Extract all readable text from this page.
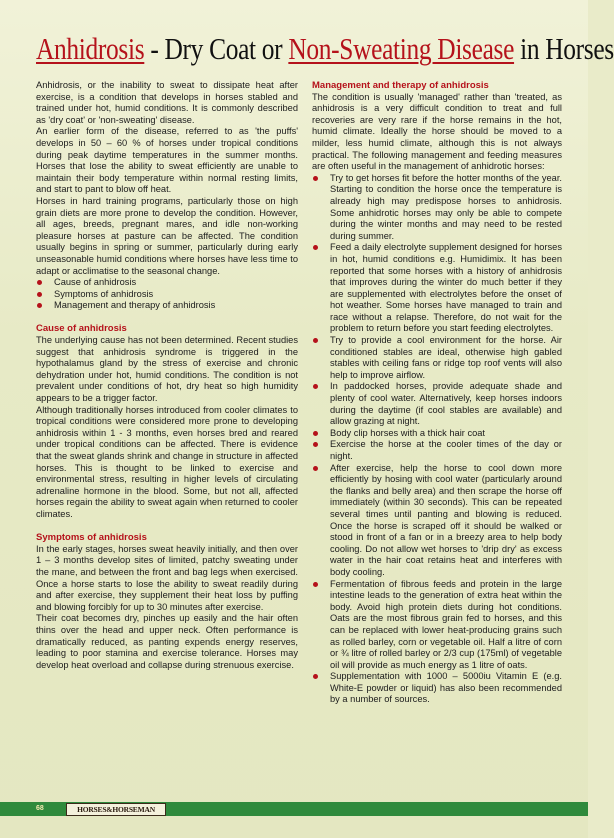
Anhidrosis - Dry Coat or Non-Sweating Disease in Horses

Anhidrosis, or the inability to sweat to dissipate heat after exercise, is a condition that develops in horses stabled and trained under hot, humid conditions. It is commonly described as 'dry coat' or 'non-sweating' disease.

An earlier form of the disease, referred to as 'the puffs' develops in 50 – 60 % of horses under tropical conditions during peak daytime temperatures in the summer months. Horses that lose the ability to sweat efficiently are unable to maintain their body temperature within normal resting limits, and start to pant to blow off heat.

Horses in hard training programs, particularly those on high grain diets are more prone to develop the condition. However, all ages, breeds, pregnant mares, and idle non-working pleasure horses at pasture can be affected. The condition usually begins in spring or summer, particularly during early unseasonable humid conditions where horses have less time to adapt or acclimatise to the seasonal change.

Cause of anhidrosis
Symptoms of anhidrosis
Management and therapy of anhidrosis
Cause of anhidrosis

The underlying cause has not been determined. Recent studies suggest that anhidrosis syndrome is triggered in the hypothalamus gland by the stress of exercise and chronic dehydration under hot, humid conditions. The condition is not prevalent under conditions of hot, dry heat so high humidity appears to be a trigger factor.

Although traditionally horses introduced from cooler climates to tropical conditions were considered more prone to developing anhidrosis within 1 - 3 months, even horses bred and reared under tropical conditions can be affected. There is evidence that the sweat glands shrink and change in structure in affected horses. This is thought to be linked to exercise and environmental stress, resulting in higher levels of circulating adrenaline hormone in the blood. Some, but not all, affected horses regain the ability to sweat again when returned to cooler climates.

Symptoms of anhidrosis

In the early stages, horses sweat heavily initially, and then over 1 – 3 months develop sites of limited, patchy sweating under the mane, and between the front and bag legs when exercised. Once a horse starts to lose the ability to sweat readily during and after exercise, they supplement their heat loss by puffing and blowing forcibly for up to 30 minutes after exercise.

Their coat becomes dry, pinches up easily and the hair often thins over the head and upper neck. Often performance is dramatically reduced, as panting expends energy reserves, leading to poor stamina and exercise tolerance. Horses may develop heat overload and collapse during strenuous exercise.

Management and therapy of anhidrosis

The condition is usually 'managed' rather than 'treated, as anhidrosis is a very difficult condition to treat and full recoveries are very rare if the horse remains in the hot, humid climate. Ideally the horse should be moved to a milder, less humid climate, although this is not always practical. The following management and feeding measures are often useful in the management of anhidrotic horses:

Try to get horses fit before the hotter months of the year. Starting to condition the horse once the temperature is already high may predispose horses to anhidrosis. Some anhidrotic horses may only be able to compete during the winter months and may need to be rested during summer.
Feed a daily electrolyte supplement designed for horses in hot, humid conditions e.g. Humidimix. It has been reported that some horses with a history of anhidrosis that improves during the winter do much better if they are supplemented with electrolytes before the onset of hot weather. Some horses have managed to train and race without a relapse. Therefore, do not wait for the problem to return before you start feeding electrolytes.
Try to provide a cool environment for the horse. Air conditioned stables are ideal, otherwise high gabled stables with ceiling fans or ridge top roof vents will also help to improve airflow.
In paddocked horses, provide adequate shade and plenty of cool water. Alternatively, keep horses indoors during the daytime (if cool stables are available) and allow grazing at night.
Body clip horses with a thick hair coat
Exercise the horse at the cooler times of the day or night.
After exercise, help the horse to cool down more efficiently by hosing with cool water (particularly around the flanks and belly area) and then scrape the horse off immediately (within 30 seconds). This can be repeated several times until panting and blowing is reduced. Once the horse is scraped off it should be walked or stood in front of a fan or in a breezy area to help body cooling. Do not allow wet horses to 'drip dry' as excess water in the hair coat retains heat and interferes with body cooling.
Fermentation of fibrous feeds and protein in the large intestine leads to the generation of extra heat within the body. Avoid high protein diets during hot conditions. Oats are the most fibrous grain fed to horses, and this can be replaced with lower heat-producing grains such as rolled barley, corn or vegetable oil. Half a litre of corn or ¾ litre of rolled barley or 2/3 cup (175ml) of vegetable oil will provide as much energy as 1 litre of oats.
Supplementation with 1000 – 5000iu Vitamin E (e.g. White-E powder or liquid) has also been recommended by a number of sources.
68	HORSES&HORSEMAN
